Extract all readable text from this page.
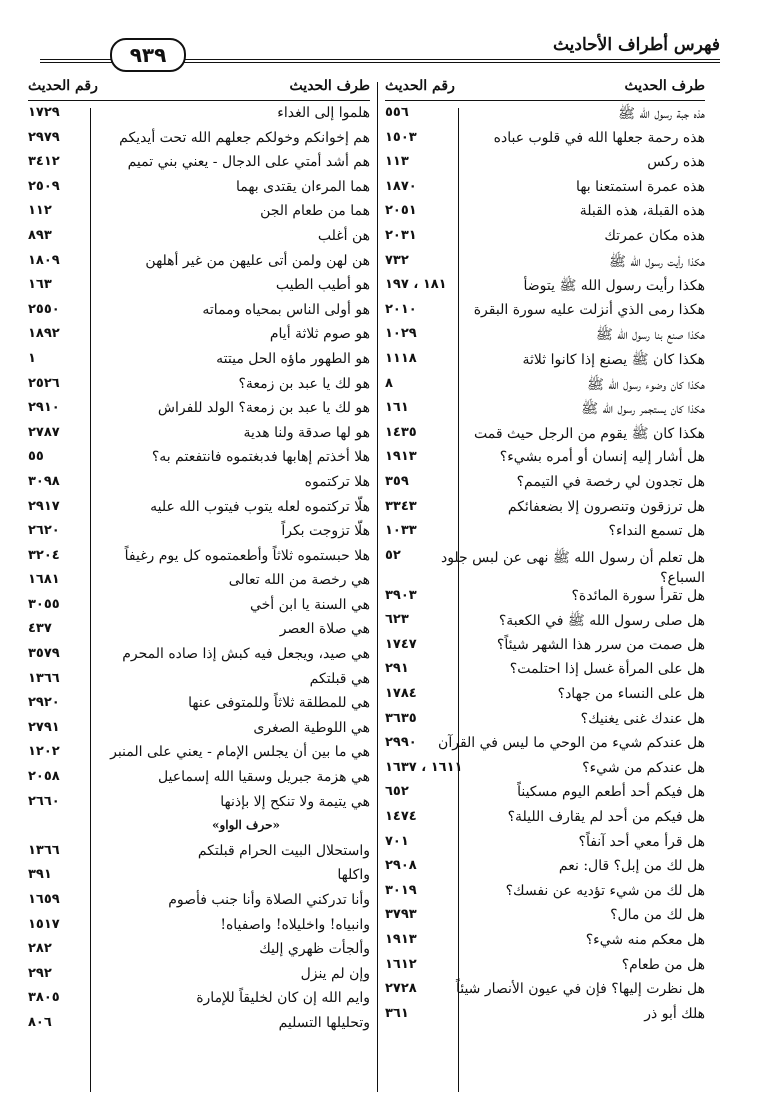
فهرس أطراف الأحاديث
٩٣٩
طرف الحديث
رقم الحديث
هذه جبة رسول الله ﷺ
٥٥٦
هذه رحمة جعلها الله في قلوب عباده
١٥٠٣
هذه ركس
١١٣
هذه عمرة استمتعنا بها
١٨٧٠
هذه القبلة، هذه القبلة
٢٠٥١
هذه مكان عمرتك
٢٠٣١
هكذا رأيت رسول الله ﷺ
٧٣٢
هكذا رأيت رسول الله ﷺ يتوضأ
١٨١ ، ١٩٧
هكذا رمى الذي أنزلت عليه سورة البقرة
٢٠١٠
هكذا صنع بنا رسول الله ﷺ
١٠٢٩
هكذا كان ﷺ يصنع إذا كانوا ثلاثة
١١١٨
هكذا كان وضوء رسول الله ﷺ
٨
هكذا كان يستجمر رسول الله ﷺ
١٦١
هكذا كان ﷺ يقوم من الرجل حيث قمت
١٤٣٥
هل أشار إليه إنسان أو أمره بشيء؟
١٩١٣
هل تجدون لي رخصة في التيمم؟
٣٥٩
هل ترزقون وتنصرون إلا بضعفائكم
٣٣٤٣
هل تسمع النداء؟
١٠٣٣
هل تعلم أن رسول الله ﷺ نهى عن لبس جلود السباع؟
٥٢
هل تقرأ سورة المائدة؟
٣٩٠٣
هل صلى رسول الله ﷺ في الكعبة؟
٦٢٣
هل صمت من سرر هذا الشهر شيئاً؟
١٧٤٧
هل على المرأة غسل إذا احتلمت؟
٢٩١
هل على النساء من جهاد؟
١٧٨٤
هل عندك غنى يغنيك؟
٣٦٣٥
هل عندكم شيء من الوحي ما ليس في القرآن
٢٩٩٠
هل عندكم من شيء؟
١٦١١ ، ١٦٣٧
هل فيكم أحد أطعم اليوم مسكيناً
٦٥٢
هل فيكم من أحد لم يقارف الليلة؟
١٤٧٤
هل قرأ معي أحد آنفاً؟
٧٠١
هل لك من إبل؟ قال: نعم
٢٩٠٨
هل لك من شيء تؤديه عن نفسك؟
٣٠١٩
هل لك من مال؟
٣٧٩٣
هل معكم منه شيء؟
١٩١٣
هل من طعام؟
١٦١٢
هل نظرت إليها؟ فإن في عيون الأنصار شيئاً
٢٧٢٨
هلك أبو ذر
٣٦١
طرف الحديث
رقم الحديث
هلموا إلى الغداء
١٧٢٩
هم إخوانكم وخولكم جعلهم الله تحت أيديكم
٢٩٧٩
هم أشد أمتي على الدجال - يعني بني تميم
٣٤١٢
هما المرءان يقتدى بهما
٢٥٠٩
هما من طعام الجن
١١٢
هن أغلب
٨٩٣
هن لهن ولمن أتى عليهن من غير أهلهن
١٨٠٩
هو أطيب الطيب
١٦٣
هو أولى الناس بمحياه ومماته
٢٥٥٠
هو صوم ثلاثة أيام
١٨٩٢
هو الطهور ماؤه الحل ميتته
١
هو لك يا عبد بن زمعة؟
٢٥٢٦
هو لك يا عبد بن زمعة؟ الولد للفراش
٢٩١٠
هو لها صدقة ولنا هدية
٢٧٨٧
هلا أخذتم إهابها فدبغتموه فانتفعتم به؟
٥٥
هلا تركتموه
٣٠٩٨
هلّا تركتموه لعله يتوب فيتوب الله عليه
٢٩١٧
هلّا تزوجت بكراً
٢٦٢٠
هلا حبستموه ثلاثاً وأطعمتموه كل يوم رغيفاً
٣٢٠٤
هي رخصة من الله تعالى
١٦٨١
هي السنة يا ابن أخي
٣٠٥٥
هي صلاة العصر
٤٣٧
هي صيد، ويجعل فيه كبش إذا صاده المحرم
٣٥٧٩
هي قبلتكم
١٣٦٦
هي للمطلقة ثلاثاً وللمتوفى عنها
٢٩٢٠
هي اللوطية الصغرى
٢٧٩١
هي ما بين أن يجلس الإمام - يعني على المنبر
١٢٠٢
هي هزمة جبريل وسقيا الله إسماعيل
٢٠٥٨
هي يتيمة ولا تنكح إلا بإذنها
٢٦٦٠
«حرف الواو»
واستحلال البيت الحرام قبلتكم
١٣٦٦
واكلها
٣٩١
وأنا تدركني الصلاة وأنا جنب فأصوم
١٦٥٩
وانبياه! واخليلاه! واصفياه!
١٥١٧
وألجأت ظهري إليك
٢٨٢
وإن لم ينزل
٢٩٢
وايم الله إن كان لخليقاً للإمارة
٣٨٠٥
وتحليلها التسليم
٨٠٦
